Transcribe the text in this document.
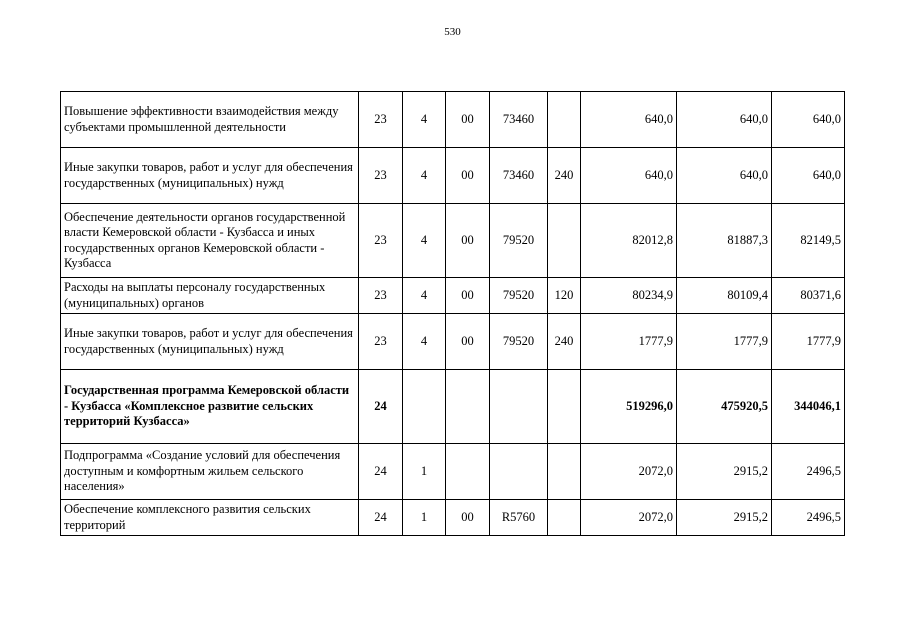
530
Повышение эффективности взаимодействия между субъектами промышленной деятельности	23	4	00	73460		640,0	640,0	640,0
Иные закупки товаров, работ и услуг для обеспечения государственных (муниципальных) нужд	23	4	00	73460	240	640,0	640,0	640,0
Обеспечение деятельности органов государственной власти Кемеровской области - Кузбасса и иных государственных органов Кемеровской области - Кузбасса	23	4	00	79520		82012,8	81887,3	82149,5
Расходы на выплаты персоналу государственных (муниципальных) органов	23	4	00	79520	120	80234,9	80109,4	80371,6
Иные закупки товаров, работ и услуг для обеспечения государственных (муниципальных) нужд	23	4	00	79520	240	1777,9	1777,9	1777,9
Государственная программа Кемеровской области - Кузбасса «Комплексное развитие сельских территорий Кузбасса»	24					519296,0	475920,5	344046,1
Подпрограмма «Создание условий для обеспечения доступным и комфортным жильем сельского населения»	24	1				2072,0	2915,2	2496,5
Обеспечение комплексного развития сельских территорий	24	1	00	R5760		2072,0	2915,2	2496,5
